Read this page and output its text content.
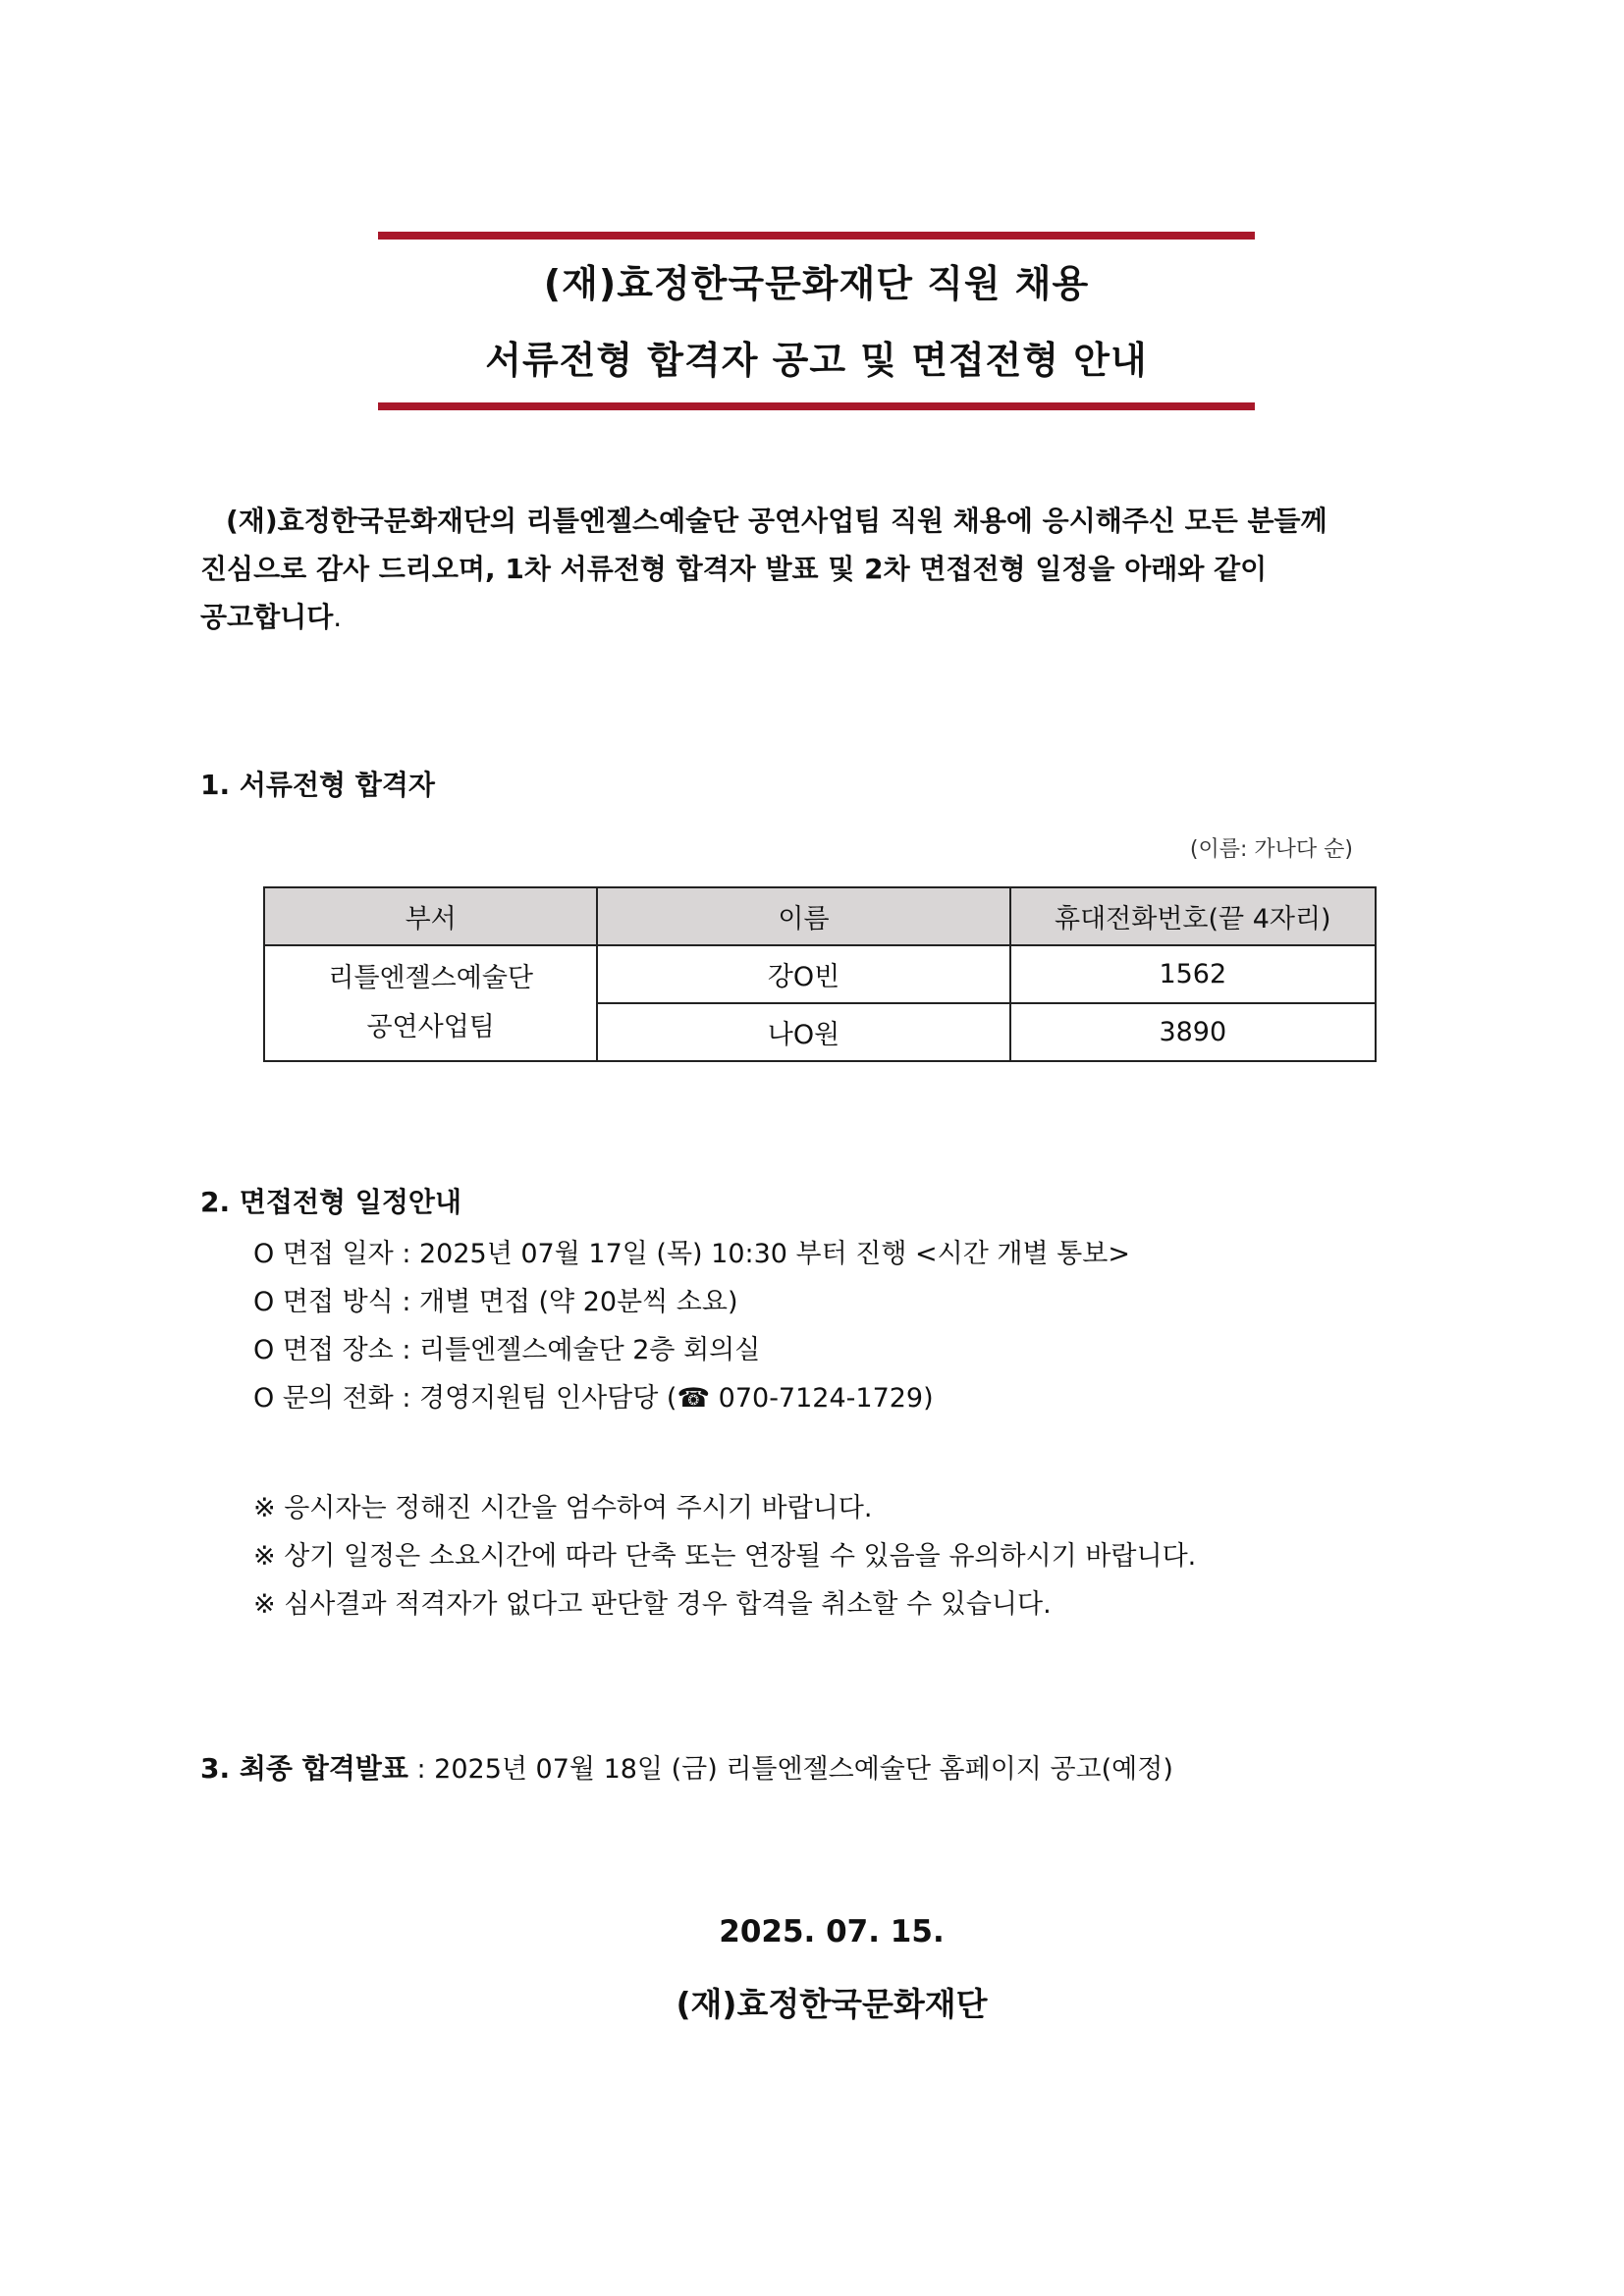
(재)효정한국문화재단 직원 채용
서류전형 합격자 공고 및 면접전형 안내
(재)효정한국문화재단의 리틀엔젤스예술단 공연사업팀 직원 채용에 응시해주신 모든 분들께
진심으로 감사 드리오며, 1차 서류전형 합격자 발표 및 2차 면접전형 일정을 아래와 같이
공고합니다.
1. 서류전형 합격자
(이름: 가나다 순)
부서	이름	휴대전화번호(끝 4자리)

리틀엔젤스예술단
공연사업팀	강O빈	1562
	나O원	3890
2. 면접전형 일정안내
O 면접 일자 : 2025년 07월 17일 (목) 10:30 부터 진행 <시간 개별 통보>
O 면접 방식 : 개별 면접 (약 20분씩 소요)
O 면접 장소 : 리틀엔젤스예술단 2층 회의실
O 문의 전화 : 경영지원팀 인사담당 (☎ 070-7124-1729)
※ 응시자는 정해진 시간을 엄수하여 주시기 바랍니다.
※ 상기 일정은 소요시간에 따라 단축 또는 연장될 수 있음을 유의하시기 바랍니다.
※ 심사결과 적격자가 없다고 판단할 경우 합격을 취소할 수 있습니다.
3. 최종 합격발표 : 2025년 07월 18일 (금) 리틀엔젤스예술단 홈페이지 공고(예정)
2025. 07. 15.
(재)효정한국문화재단
